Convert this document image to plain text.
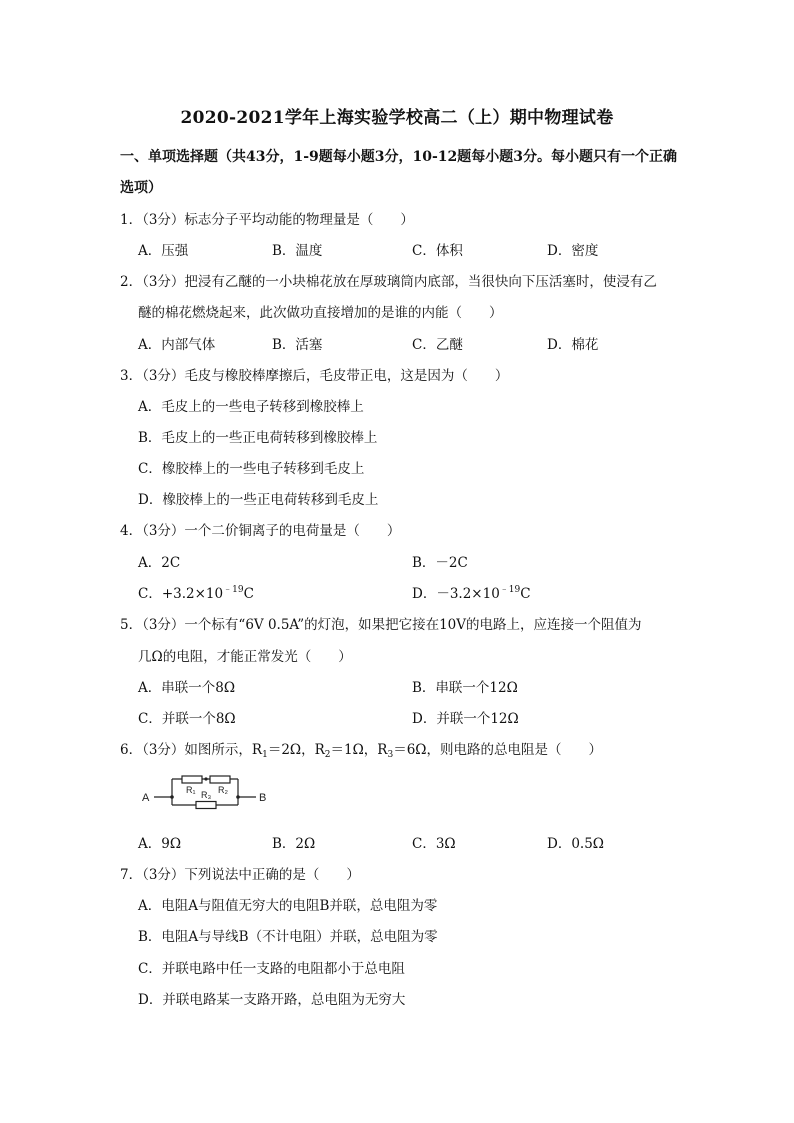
2020-2021学年上海实验学校高二（上）期中物理试卷
一、单项选择题（共43分，1-9题每小题3分，10-12题每小题3分。每小题只有一个正确
选项）
1．（3分）标志分子平均动能的物理量是（　　）
A．压强	B．温度	C．体积	D．密度
2．（3分）把浸有乙醚的一小块棉花放在厚玻璃筒内底部，当很快向下压活塞时，使浸有乙
醚的棉花燃烧起来，此次做功直接增加的是谁的内能（　　）
A．内部气体	B．活塞	C．乙醚	D．棉花
3．（3分）毛皮与橡胶棒摩擦后，毛皮带正电，这是因为（　　）
A．毛皮上的一些电子转移到橡胶棒上
B．毛皮上的一些正电荷转移到橡胶棒上
C．橡胶棒上的一些电子转移到毛皮上
D．橡胶棒上的一些正电荷转移到毛皮上
4．（3分）一个二价铜离子的电荷量是（　　）
A．2C	B．－2C
C．$+3.2\times 10^{﹣19}C$	D．$-3.2\times 10^{﹣19}C$
5．（3分）一个标有“6V 0.5A”的灯泡，如果把它接在10V的电路上，应连接一个阻值为
几Ω的电阻，才能正常发光（　　）
A．串联一个8Ω	B．串联一个12Ω
C．并联一个8Ω	D．并联一个12Ω
6．（3分）如图所示，$R_1=2\Omega$，$R_2=1\Omega$，$R_3=6\Omega$，则电路的总电阻是（　　）
R₁ R₂
R₃
A	B
A．9Ω	B．2Ω	C．3Ω	D．0.5Ω
7．（3分）下列说法中正确的是（　　）
A．电阻A与阻值无穷大的电阻B并联，总电阻为零
B．电阻A与导线B（不计电阻）并联，总电阻为零
C．并联电路中任一支路的电阻都小于总电阻
D．并联电路某一支路开路，总电阻为无穷大
